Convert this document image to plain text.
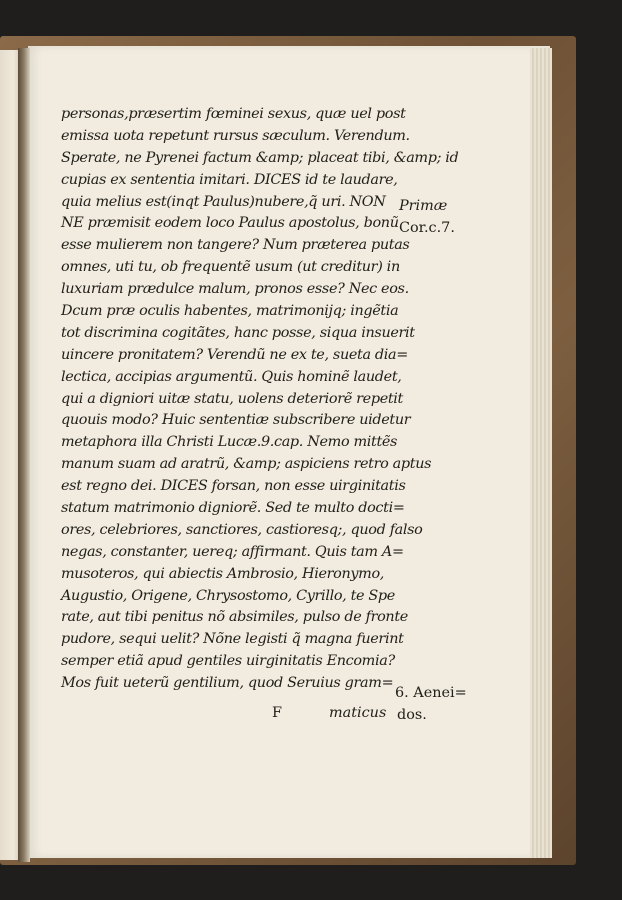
personas,præsertim fœminei sexus, quæ uel post
emissa uota repetunt rursus sæculum. Verendum.
Sperate, ne Pyrenei factum &amp; placeat tibi, &amp; id
cupias ex sententia imitari. DICES id te laudare,
quia melius est(inqt Paulus)nubere,q̃ uri. NON
NE præmisit eodem loco Paulus apostolus, bonũ
esse mulierem non tangere? Num præterea putas
omnes, uti tu, ob frequentẽ usum (ut creditur) in
luxuriam prædulce malum, pronos esse? Nec eos.
Dcum præ oculis habentes, matrimonijq; ingẽtia
tot discrimina cogitãtes, hanc posse, siqua insuerit
uincere pronitatem? Verendũ ne ex te, sueta dia=
lectica, accipias argumentũ. Quis hominẽ laudet,
qui a digniori uitæ statu, uolens deteriorẽ repetit
quouis modo? Huic sententiæ subscribere uidetur
metaphora illa Christi Lucæ.9.cap. Nemo mittẽs
manum suam ad aratrũ, &amp; aspiciens retro aptus
est regno dei. DICES forsan, non esse uirginitatis
statum matrimonio digniorẽ. Sed te multo docti=
ores, celebriores, sanctiores, castioresq;, quod falso
negas, constanter, uereq; affirmant. Quis tam A=
musoteros, qui abiectis Ambrosio, Hieronymo,
Augustio, Origene, Chrysostomo, Cyrillo, te Spe
rate, aut tibi penitus nõ absimiles, pulso de fronte
pudore, sequi uelit? Nõne legisti q̃ magna fuerint
semper etiã apud gentiles uirginitatis Encomia?
Mos fuit ueterũ gentilium, quod Seruius gram=
F	maticus
Primæ
Cor.c.7.
6. Aenei=
dos.
